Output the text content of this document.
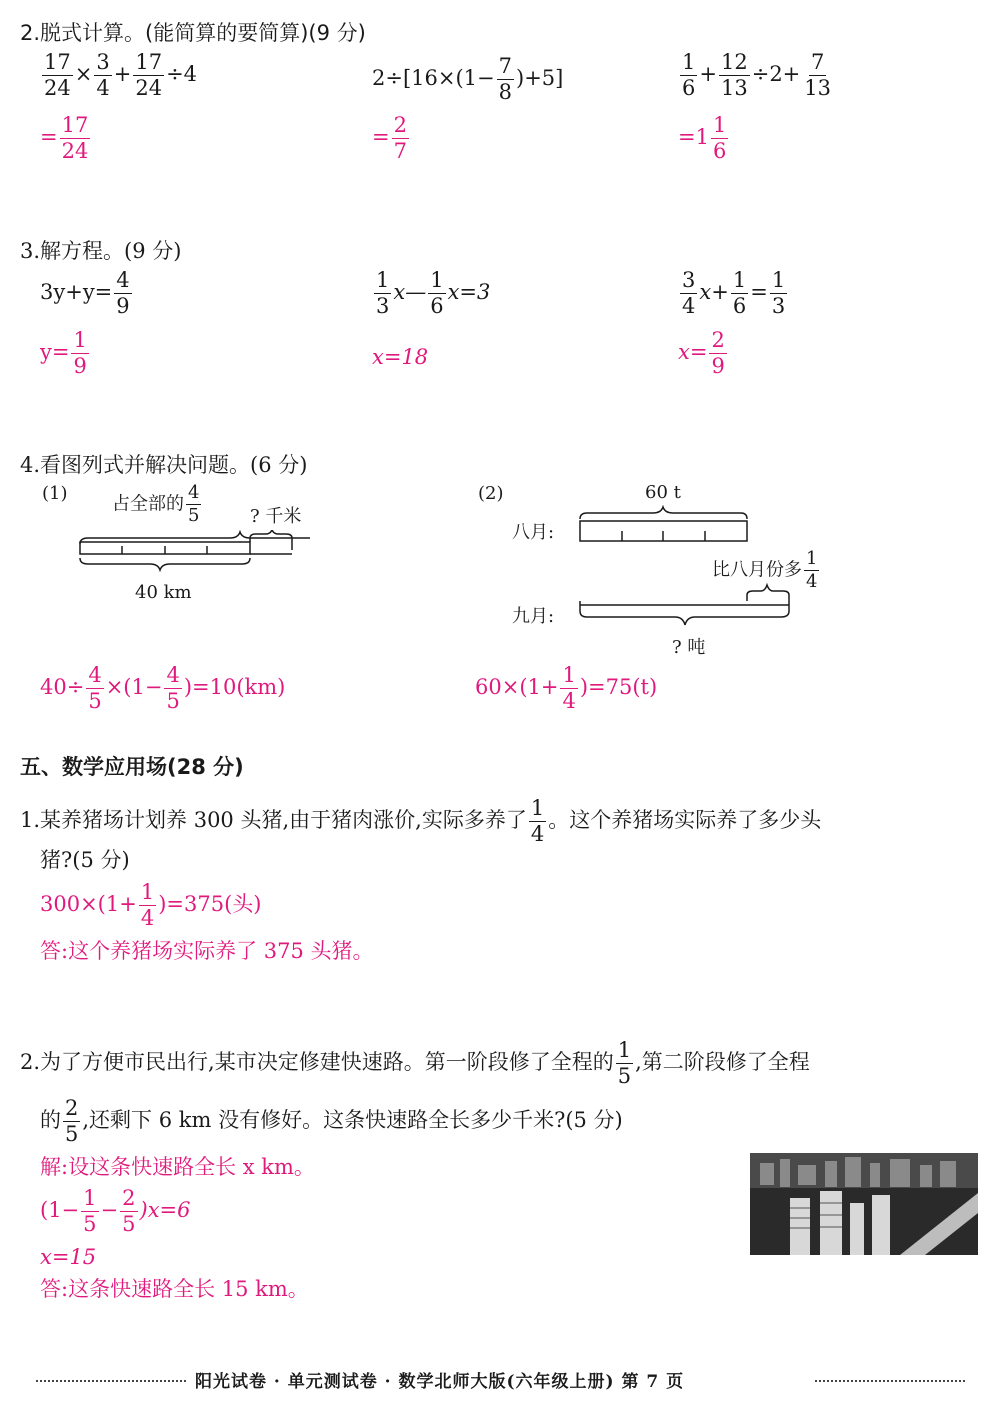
2.脱式计算。(能简算的要简算)(9 分)
$\frac{17}{24} \times \frac{3}{4} + \frac{17}{24} \div 4$
= $\frac{17}{24}$
$2\div[16\times(1- \frac{7}{8} )+5]$
= $\frac{2}{7}$
$\frac{1}{6} + \frac{12}{13} \div 2+ \frac{7}{13}$
$=1 \frac{1}{6}$
3.解方程。(9 分)
$3y+y= \frac{4}{9}$
$y= \frac{1}{9}$
$\frac{1}{3}$ x— $\frac{1}{6} x=3$
x=18
$\frac{3}{4} x+ \frac{1}{6} = \frac{1}{3}$
$x= \frac{2}{9}$
4.看图列式并解决问题。(6 分)
(1) 占全部的 $\frac{4}{5}$	? 千米
40 km
$40\div \frac{4}{5} \times(1- \frac{4}{5} )=10(km)$
(2)	60 t
八月:
九月:
比八月份多 $\frac{1}{4}$
? 吨
$60\times(1+ \frac{1}{4} )=75(t)$
五、数学应用场(28 分)
1.某养猪场计划养 300 头猪,由于猪肉涨价,实际多养了 $\frac{1}{4}$ 。这个养猪场实际养了多少头
猪?(5 分)
$300\times(1+ \frac{1}{4} )=375$(头)
答:这个养猪场实际养了 375 头猪。
2.为了方便市民出行,某市决定修建快速路。第一阶段修了全程的 $\frac{1}{5}$ ,第二阶段修了全程
的 $\frac{2}{5}$ ,还剩下 6 km 没有修好。这条快速路全长多少千米?(5 分)
解:设这条快速路全长 x km。
$(1- \frac{1}{5} - \frac{2}{5} )x=6$
x=15
答:这条快速路全长 15 km。
阳光试卷 · 单元测试卷 · 数学北师大版(六年级上册) 第 7 页
